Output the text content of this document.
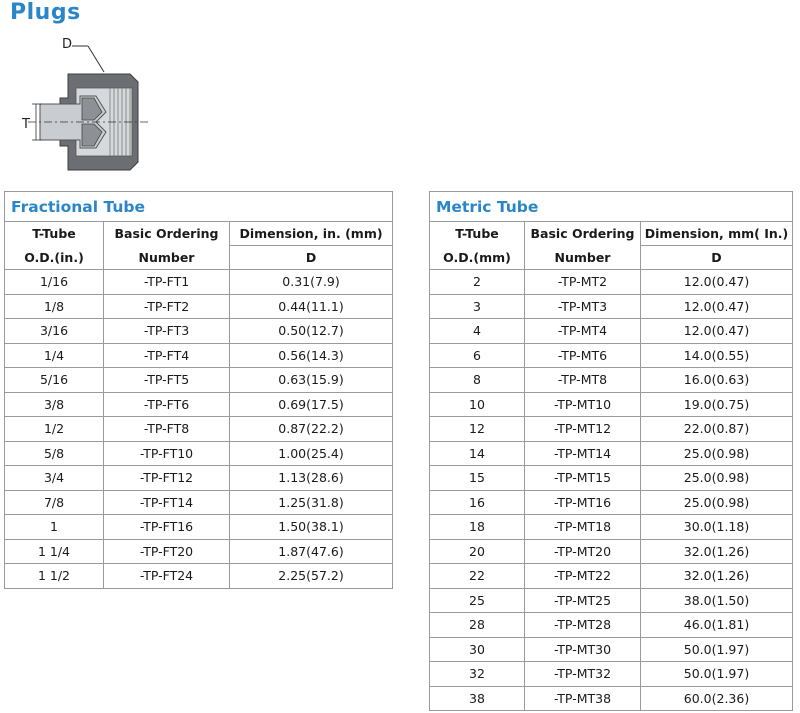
Plugs
D
T
Fractional Tube		
T-Tube	Basic Ordering	Dimension, in. (mm)
O.D.(in.)	Number	D
1/16	-TP-FT1	0.31(7.9)
1/8	-TP-FT2	0.44(11.1)
3/16	-TP-FT3	0.50(12.7)
1/4	-TP-FT4	0.56(14.3)
5/16	-TP-FT5	0.63(15.9)
3/8	-TP-FT6	0.69(17.5)
1/2	-TP-FT8	0.87(22.2)
5/8	-TP-FT10	1.00(25.4)
3/4	-TP-FT12	1.13(28.6)
7/8	-TP-FT14	1.25(31.8)
1	-TP-FT16	1.50(38.1)
1 1/4	-TP-FT20	1.87(47.6)
1 1/2	-TP-FT24	2.25(57.2)
Metric Tube		
T-Tube	Basic Ordering	Dimension, mm( In.)
O.D.(mm)	Number	D
2	-TP-MT2	12.0(0.47)
3	-TP-MT3	12.0(0.47)
4	-TP-MT4	12.0(0.47)
6	-TP-MT6	14.0(0.55)
8	-TP-MT8	16.0(0.63)
10	-TP-MT10	19.0(0.75)
12	-TP-MT12	22.0(0.87)
14	-TP-MT14	25.0(0.98)
15	-TP-MT15	25.0(0.98)
16	-TP-MT16	25.0(0.98)
18	-TP-MT18	30.0(1.18)
20	-TP-MT20	32.0(1.26)
22	-TP-MT22	32.0(1.26)
25	-TP-MT25	38.0(1.50)
28	-TP-MT28	46.0(1.81)
30	-TP-MT30	50.0(1.97)
32	-TP-MT32	50.0(1.97)
38	-TP-MT38	60.0(2.36)
